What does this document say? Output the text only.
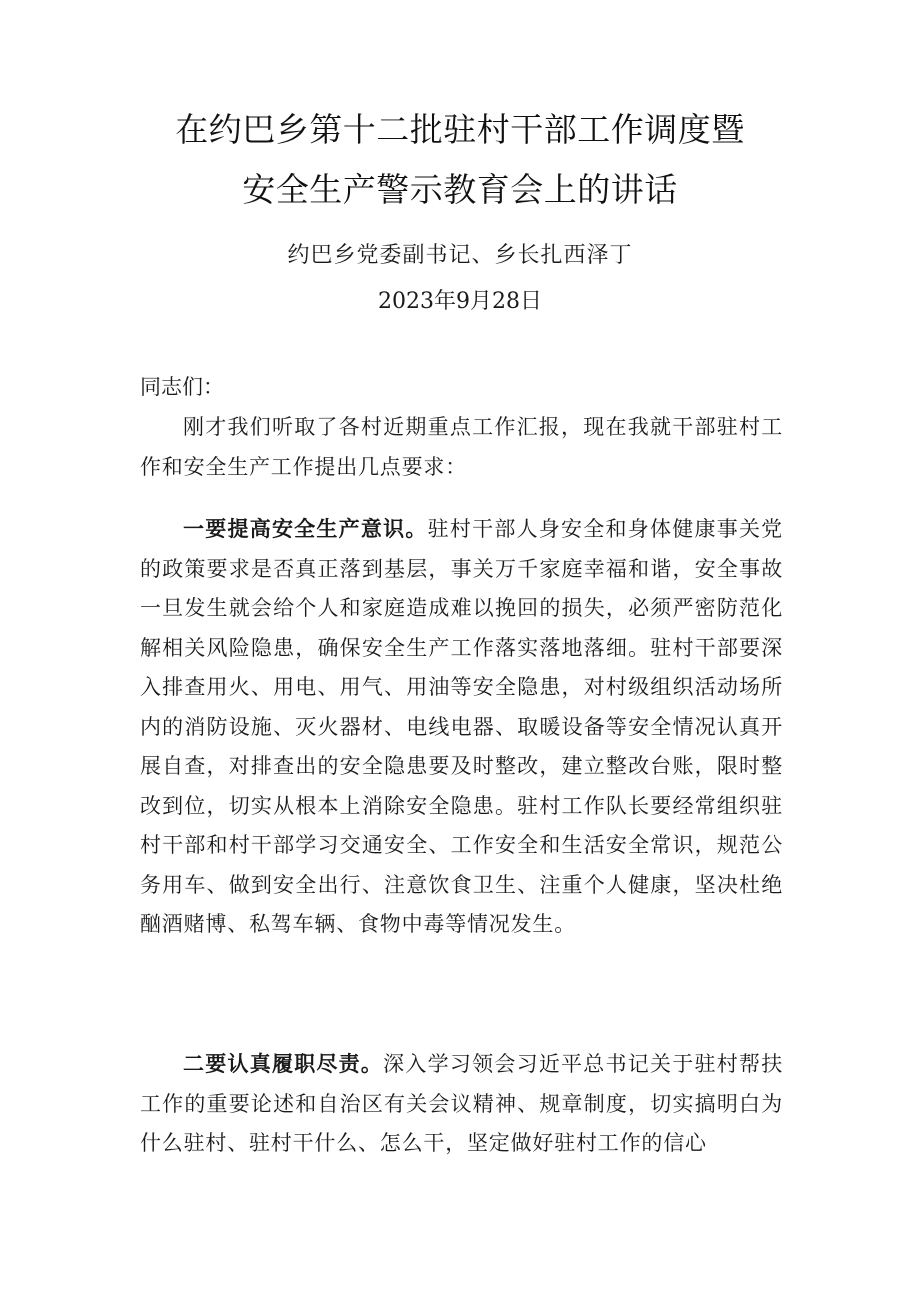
在约巴乡第十二批驻村干部工作调度暨
安全生产警示教育会上的讲话
约巴乡党委副书记、乡长扎西泽丁
2023年9月28日
同志们：

刚才我们听取了各村近期重点工作汇报，现在我就干部驻村工作和安全生产工作提出几点要求：

一要提高安全生产意识。驻村干部人身安全和身体健康事关党的政策要求是否真正落到基层，事关万千家庭幸福和谐，安全事故一旦发生就会给个人和家庭造成难以挽回的损失，必须严密防范化解相关风险隐患，确保安全生产工作落实落地落细。驻村干部要深入排查用火、用电、用气、用油等安全隐患，对村级组织活动场所内的消防设施、灭火器材、电线电器、取暖设备等安全情况认真开展自查，对排查出的安全隐患要及时整改，建立整改台账，限时整改到位，切实从根本上消除安全隐患。驻村工作队长要经常组织驻村干部和村干部学习交通安全、工作安全和生活安全常识，规范公务用车、做到安全出行、注意饮食卫生、注重个人健康，坚决杜绝酗酒赌博、私驾车辆、食物中毒等情况发生。

二要认真履职尽责。深入学习领会习近平总书记关于驻村帮扶工作的重要论述和自治区有关会议精神、规章制度，切实搞明白为什么驻村、驻村干什么、怎么干，坚定做好驻村工作的信心
